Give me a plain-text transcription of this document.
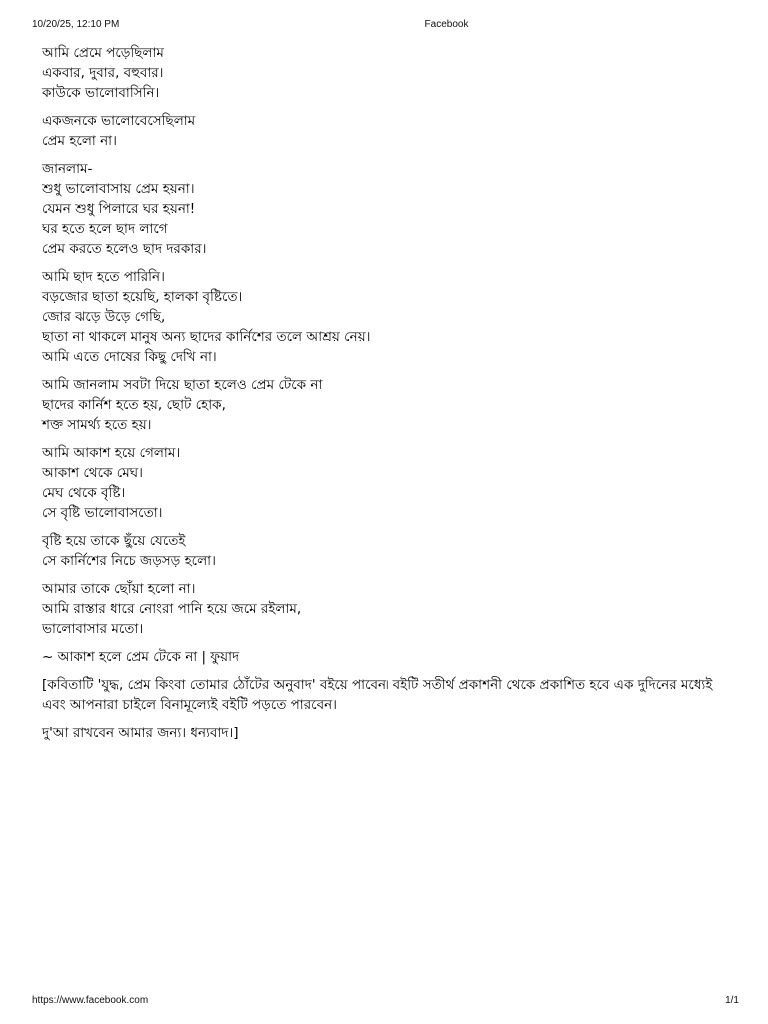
10/20/25, 12:10 PM	Facebook
আমি প্রেমে পড়েছিলাম
একবার, দুবার, বহুবার।
কাউকে ভালোবাসিনি।
একজনকে ভালোবেসেছিলাম
প্রেম হলো না।
জানলাম-
শুধু ভালোবাসায় প্রেম হয়না।
যেমন শুধু পিলারে ঘর হয়না!
ঘর হতে হলে ছাদ লাগে
প্রেম করতে হলেও ছাদ দরকার।
আমি ছাদ হতে পারিনি।
বড়জোর ছাতা হয়েছি, হালকা বৃষ্টিতে।
জোর ঝড়ে উড়ে গেছি,
ছাতা না থাকলে মানুষ অন্য ছাদের কার্নিশের তলে আশ্রয় নেয়।
আমি এতে দোষের কিছু দেখি না।
আমি জানলাম সবটা দিয়ে ছাতা হলেও প্রেম টেকে না
ছাদের কার্নিশ হতে হয়, ছোট হোক,
শক্ত সামর্থ্য হতে হয়।
আমি আকাশ হয়ে গেলাম।
আকাশ থেকে মেঘ।
মেঘ থেকে বৃষ্টি।
সে বৃষ্টি ভালোবাসতো।
বৃষ্টি হয়ে তাকে ছুঁয়ে যেতেই
সে কার্নিশের নিচে জড়সড় হলো।
আমার তাকে ছোঁয়া হলো না।
আমি রাস্তার ধারে নোংরা পানি হয়ে জমে রইলাম,
ভালোবাসার মতো।
~ আকাশ হলে প্রেম টেকে না | ফুয়াদ
[কবিতাটি 'যুদ্ধ, প্রেম কিংবা তোমার ঠোঁটের অনুবাদ' বইয়ে পাবেন৷ বইটি সতীর্থ প্রকাশনী থেকে প্রকাশিত হবে এক দুদিনের মধ্যেই এবং আপনারা চাইলে বিনামূল্যেই বইটি পড়তে পারবেন।
দু'আ রাখবেন আমার জন্য। ধন্যবাদ।]
https://www.facebook.com	1/1
